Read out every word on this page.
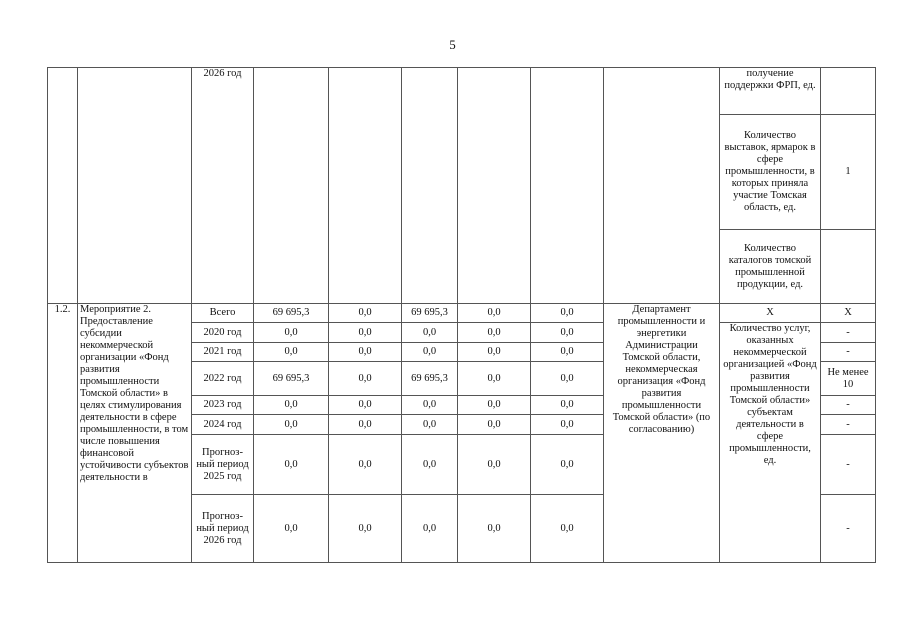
5
		2026 год							получение поддержки ФРП, ед.	
									Количество выставок, ярмарок в сфере промышленности, в которых приняла участие Томская область, ед.	1
									Количество каталогов томской промышленной продукции, ед.	
1.2.	Мероприятие 2. Предоставление субсидии некоммерческой организации «Фонд развития промышленности Томской области» в целях стимулирования деятельности в сфере промышленности, в том числе повышения финансовой устойчивости субъектов деятельности в	Всего	69 695,3	0,0	69 695,3	0,0	0,0	Департамент промышленности и энергетики Администрации Томской области, некоммерческая организация «Фонд развития промышленности Томской области» (по согласованию)	Х	Х
		2020 год	0,0	0,0	0,0	0,0	0,0		Количество услуг, оказанных некоммерческой организацией «Фонд развития промышленности Томской области» субъектам деятельности в сфере промышленности, ед.	-
		2021 год	0,0	0,0	0,0	0,0	0,0			-
		2022 год	69 695,3	0,0	69 695,3	0,0	0,0			Не менее 10
		2023 год	0,0	0,0	0,0	0,0	0,0			-
		2024 год	0,0	0,0	0,0	0,0	0,0			-
		Прогноз-ный период 2025 год	0,0	0,0	0,0	0,0	0,0			-
		Прогноз-ный период 2026 год	0,0	0,0	0,0	0,0	0,0			-
